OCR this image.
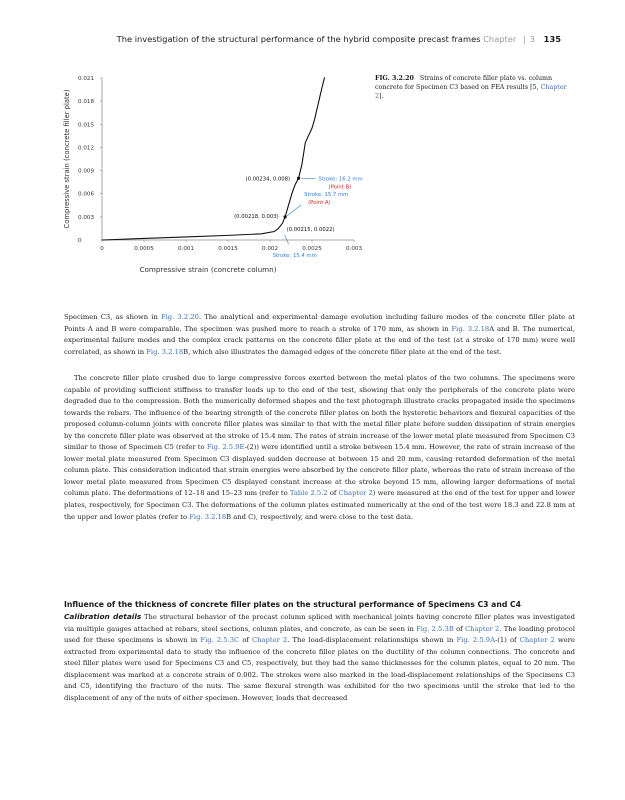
The investigation of the structural performance of the hybrid composite precast frames Chapter | 3 135
0
0.003
0.006
0.009
0.012
0.015
0.018
0.021
0	0.0005	0.001	0.0015	0.002	0.0025	0.003
Compressive strain (concrete column)
Compressive strain (concrete filler plate)	(0.00234, 0.008)	Stroke: 16.2 mm
(Point B)
(0.00218, 0.003)
Stroke: 15.7 mm
(Point A)
(0.00215, 0.0022)
Stroke: 15.4 mm
FIG. 3.2.20 Strains of concrete filler plate vs. column concrete for Specimen C3 based on FEA results [5, Chapter 2].

Specimen C3, as shown in Fig. 3.2.20. The analytical and experimental damage evolution including failure modes of the concrete filler plate at Points A and B were comparable. The specimen was pushed more to reach a stroke of 170 mm, as shown in Fig. 3.2.18A and B. The numerical, experimental failure modes and the complex crack patterns on the concrete filler plate at the end of the test (at a stroke of 170 mm) were well correlated, as shown in Fig. 3.2.18B, which also illustrates the damaged edges of the concrete filler plate at the end of the test.

The concrete filler plate crushed due to large compressive forces exerted between the metal plates of the two columns. The specimens were capable of providing sufficient stiffness to transfer loads up to the end of the test, showing that only the peripherals of the concrete plate were degraded due to the compression. Both the numerically deformed shapes and the test photograph illustrate cracks propagated inside the specimens towards the rebars. The influence of the bearing strength of the concrete filler plates on both the hysteretic behaviors and flexural capacities of the proposed column-column joints with concrete filler plates was similar to that with the metal filler plate before sudden dissipation of strain energies by the concrete filler plate was observed at the stroke of 15.4 mm. The rates of strain increase of the lower metal plate measured from Specimen C3 similar to those of Specimen C5 (refer to Fig. 2.5.9E-(2)) were identified until a stroke between 15.4 mm. However, the rate of strain increase of the lower metal plate measured from Specimen C3 displayed sudden decrease at between 15 and 20 mm, causing retarded deformation of the metal column plate. This consideration indicated that strain energies were absorbed by the concrete filler plate, whereas the rate of strain increase of the lower metal plate measured from Specimen C5 displayed constant increase at the stroke beyond 15 mm, allowing larger deformations of metal column plate. The deformations of 12–18 and 15–23 mm (refer to Table 2.5.2 of Chapter 2) were measured at the end of the test for upper and lower plates, respectively, for Specimen C3. The deformations of the column plates estimated numerically at the end of the test were 18.3 and 22.8 mm at the upper and lower plates (refer to Fig. 3.2.18B and C), respectively, and were close to the test data.

Influence of the thickness of concrete filler plates on the structural performance of Specimens C3 and C4

Calibration details The structural behavior of the precast column spliced with mechanical joints having concrete filler plates was investigated via multiple gauges attached at rebars, steel sections, column plates, and concrete, as can be seen in Fig. 2.5.3B of Chapter 2. The loading protocol used for these specimens is shown in Fig. 2.5.3C of Chapter 2. The load-displacement relationships shown in Fig. 2.5.9A-(1) of Chapter 2 were extracted from experimental data to study the influence of the concrete filler plates on the ductility of the column connections. The concrete and steel filler plates were used for Specimens C3 and C5, respectively, but they had the same thicknesses for the column plates, equal to 20 mm. The displacement was marked at a concrete strain of 0.002. The strokes were also marked in the load-displacement relationships of the Specimens C3 and C5, identifying the fracture of the nuts. The same flexural strength was exhibited for the two specimens until the stroke that led to the displacement of any of the nuts of either specimen. However, loads that decreased
